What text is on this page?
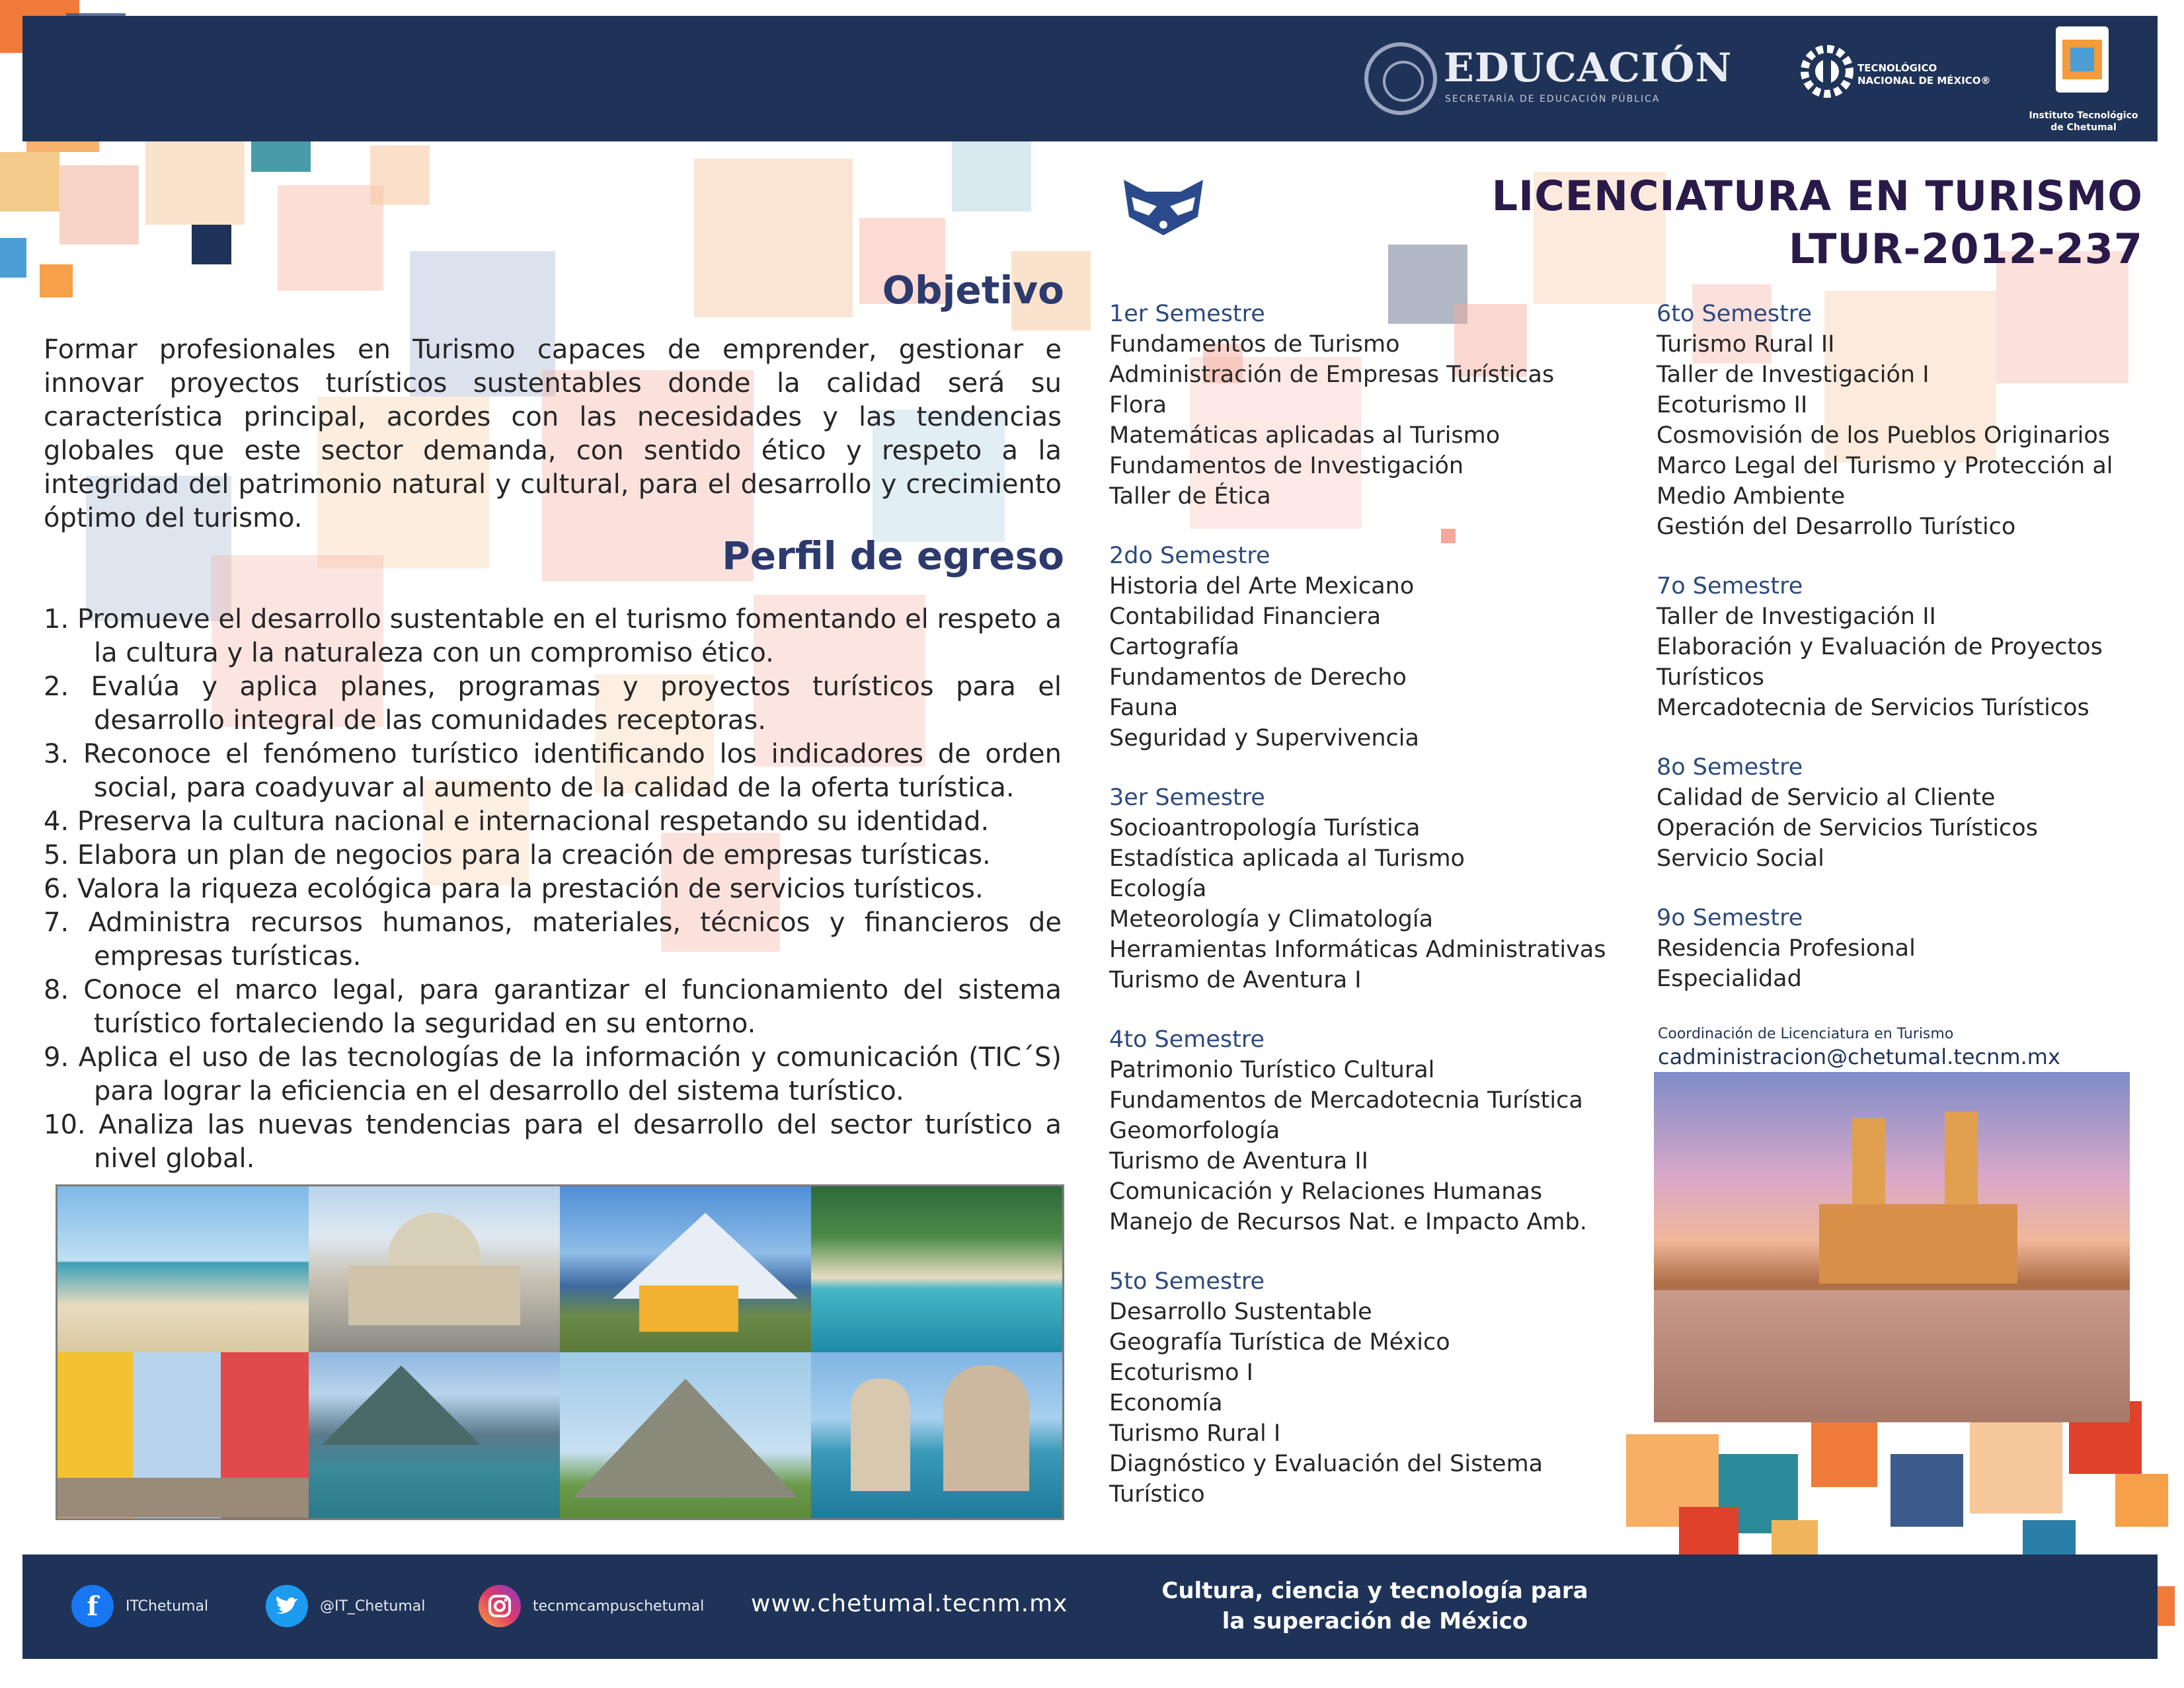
EDUCACIÓN
SECRETARÍA DE EDUCACIÓN PÚBLICA
TECNOLÓGICO
NACIONAL DE MÉXICO®
Instituto Tecnológico
de Chetumal
Objetivo
Formar profesionales en Turismo capaces de emprender, gestionar e innovar proyectos turísticos sustentables donde la calidad será su característica principal, acordes con las necesidades y las tendencias globales que este sector demanda, con sentido ético y respeto a la integridad del patrimonio natural y cultural, para el desarrollo y crecimiento óptimo del turismo.
Perfil de egreso
1. Promueve el desarrollo sustentable en el turismo fomentando el respeto a la cultura y la naturaleza con un compromiso ético.
2. Evalúa y aplica planes, programas y proyectos turísticos para el desarrollo integral de las comunidades receptoras.
3. Reconoce el fenómeno turístico identificando los indicadores de orden social, para coadyuvar al aumento de la calidad de la oferta turística.
4. Preserva la cultura nacional e internacional respetando su identidad.
5. Elabora un plan de negocios para la creación de empresas turísticas.
6. Valora la riqueza ecológica para la prestación de servicios turísticos.
7. Administra recursos humanos, materiales, técnicos y financieros de empresas turísticas.
8. Conoce el marco legal, para garantizar el funcionamiento del sistema turístico fortaleciendo la seguridad en su entorno.
9. Aplica el uso de las tecnologías de la información y comunicación (TIC´S) para lograr la eficiencia en el desarrollo del sistema turístico.
10. Analiza las nuevas tendencias para el desarrollo del sector turístico a nivel global.
LICENCIATURA EN TURISMO
LTUR-2012-237
1er Semestre
Fundamentos de Turismo
Administración de Empresas Turísticas
Flora
Matemáticas aplicadas al Turismo
Fundamentos de Investigación
Taller de Ética
2do Semestre
Historia del Arte Mexicano
Contabilidad Financiera
Cartografía
Fundamentos de Derecho
Fauna
Seguridad y Supervivencia
3er Semestre
Socioantropología Turística
Estadística aplicada al Turismo
Ecología
Meteorología y Climatología
Herramientas Informáticas Administrativas
Turismo de Aventura I
4to Semestre
Patrimonio Turístico Cultural
Fundamentos de Mercadotecnia Turística
Geomorfología
Turismo de Aventura II
Comunicación y Relaciones Humanas
Manejo de Recursos Nat. e Impacto Amb.
5to Semestre
Desarrollo Sustentable
Geografía Turística de México
Ecoturismo I
Economía
Turismo Rural I
Diagnóstico y Evaluación del Sistema
Turístico
6to Semestre
Turismo Rural II
Taller de Investigación I
Ecoturismo II
Cosmovisión de los Pueblos Originarios
Marco Legal del Turismo y Protección al
Medio Ambiente
Gestión del Desarrollo Turístico
7o Semestre
Taller de Investigación II
Elaboración y Evaluación de Proyectos
Turísticos
Mercadotecnia de Servicios Turísticos
8o Semestre
Calidad de Servicio al Cliente
Operación de Servicios Turísticos
Servicio Social
9o Semestre
Residencia Profesional
Especialidad
Coordinación de Licenciatura en Turismo
cadministracion@chetumal.tecnm.mx
f	ITChetumal	@IT_Chetumal	tecnmcampuschetumal www.chetumal.tecnm.mx	Cultura, ciencia y tecnología para
la superación de México
